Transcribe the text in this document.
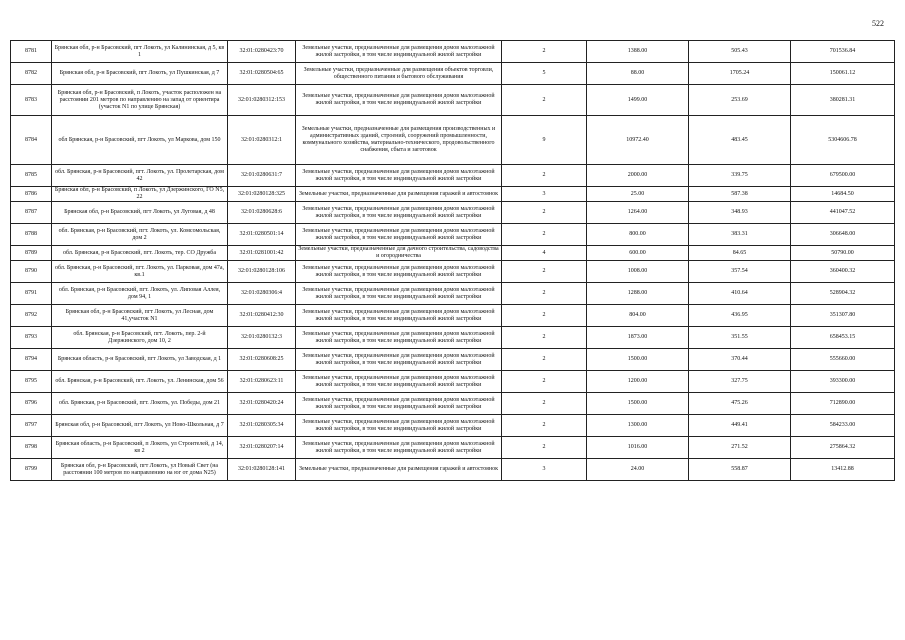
522
8781	Брянская обл, р-н Брасовский, пгт Локоть, ул Калининская, д 5, кв 1	32:01:0280423:70	Земельные участки, предназначенные для размещения домов малоэтажной жилой застройки, в том числе индивидуальной жилой застройки	2	1388.00	505.43	701536.84
8782	Брянская обл, р-н Брасовский, пгт Локоть, ул Пушкинская, д 7	32:01:0280504:65	Земельные участки, предназначенные для размещения объектов торговли, общественного питания и бытового обслуживания	5	88.00	1705.24	150061.12
8783	Брянская обл, р-н Брасовский, п Локоть, участок расположен на расстоянии 201 метров по направлению на запад от ориентира (участок N1 по улице Брянская)	32:01:0280312:153	Земельные участки, предназначенные для размещения домов малоэтажной жилой застройки, в том числе индивидуальной жилой застройки	2	1499.00	253.69	380281.31
8784	обл Брянская, р-н Брасовский, пгт Локоть, ул Маркова, дом 150	32:01:0280312:1	Земельные участки, предназначенные для размещения производственных и административных зданий, строений, сооружений промышленности, коммунального хозяйства, материально-технического, продовольственного снабжения, сбыта и заготовок	9	10972.40	483.45	5304606.78
8785	обл. Брянская, р-н Брасовский, пгт. Локоть, ул. Пролетарская, дом 42	32:01:0280631:7	Земельные участки, предназначенные для размещения домов малоэтажной жилой застройки, в том числе индивидуальной жилой застройки	2	2000.00	339.75	679500.00
8786	Брянская обл, р-н Брасовский, п Локоть, ул Дзержинского, ГО N5, 22	32:01:0280128:325	Земельные участки, предназначенные для размещения гаражей и автостоянок	3	25.00	587.38	14684.50
8787	Брянская обл, р-н Брасовский, пгт Локоть, ул Луговая, д 48	32:01:0280628:6	Земельные участки, предназначенные для размещения домов малоэтажной жилой застройки, в том числе индивидуальной жилой застройки	2	1264.00	348.93	441047.52
8788	обл. Брянская, р-н Брасовский, пгт. Локоть, ул. Комсомольская, дом 2	32:01:0280501:14	Земельные участки, предназначенные для размещения домов малоэтажной жилой застройки, в том числе индивидуальной жилой застройки	2	800.00	383.31	306648.00
8789	обл. Брянская, р-н Брасовский, пгт. Локоть, тер. СО Дружба	32:01:0281001:42	Земельные участки, предназначенные для дачного строительства, садоводства и огородничества	4	600.00	84.65	50790.00
8790	обл. Брянская, р-н Брасовский, пгт. Локоть, ул. Парковая, дом 47а, кв.1	32:01:0280128:106	Земельные участки, предназначенные для размещения домов малоэтажной жилой застройки, в том числе индивидуальной жилой застройки	2	1008.00	357.54	360400.32
8791	обл. Брянская, р-н Брасовский, пгт. Локоть, ул. Липовая Аллея, дом 94, 1	32:01:0280306:4	Земельные участки, предназначенные для размещения домов малоэтажной жилой застройки, в том числе индивидуальной жилой застройки	2	1288.00	410.64	528904.32
8792	Брянская обл, р-н Брасовский, пгт Локоть, ул Лесная, дом 41,участок N1	32:01:0280412:30	Земельные участки, предназначенные для размещения домов малоэтажной жилой застройки, в том числе индивидуальной жилой застройки	2	804.00	436.95	351307.80
8793	обл. Брянская, р-н Брасовский, пгт. Локоть, пер. 2-й Дзержинского, дом 10, 2	32:01:0280132:3	Земельные участки, предназначенные для размещения домов малоэтажной жилой застройки, в том числе индивидуальной жилой застройки	2	1873.00	351.55	658453.15
8794	Брянская область, р-н Брасовский, пгт Локоть, ул Заводская, д 1	32:01:0280608:25	Земельные участки, предназначенные для размещения домов малоэтажной жилой застройки, в том числе индивидуальной жилой застройки	2	1500.00	370.44	555660.00
8795	обл. Брянская, р-н Брасовский, пгт. Локоть, ул. Ленинская, дом 56	32:01:0280623:11	Земельные участки, предназначенные для размещения домов малоэтажной жилой застройки, в том числе индивидуальной жилой застройки	2	1200.00	327.75	393300.00
8796	обл. Брянская, р-н Брасовский, пгт. Локоть, ул. Победы, дом 21	32:01:0280420:24	Земельные участки, предназначенные для размещения домов малоэтажной жилой застройки, в том числе индивидуальной жилой застройки	2	1500.00	475.26	712890.00
8797	Брянская обл, р-н Брасовский, пгт Локоть, ул Ново-Школьная, д 7	32:01:0280305:34	Земельные участки, предназначенные для размещения домов малоэтажной жилой застройки, в том числе индивидуальной жилой застройки	2	1300.00	449.41	584233.00
8798	Брянская область, р-н Брасовский, п Локоть, ул Строителей, д 14, кв 2	32:01:0280207:14	Земельные участки, предназначенные для размещения домов малоэтажной жилой застройки, в том числе индивидуальной жилой застройки	2	1016.00	271.52	275864.32
8799	Брянская обл, р-н Брасовский, пгт Локоть, ул Новый Свет (на расстоянии 100 метров по направлению на юг от дома N25)	32:01:0280128:141	Земельные участки, предназначенные для размещения гаражей и автостоянок	3	24.00	558.87	13412.88
